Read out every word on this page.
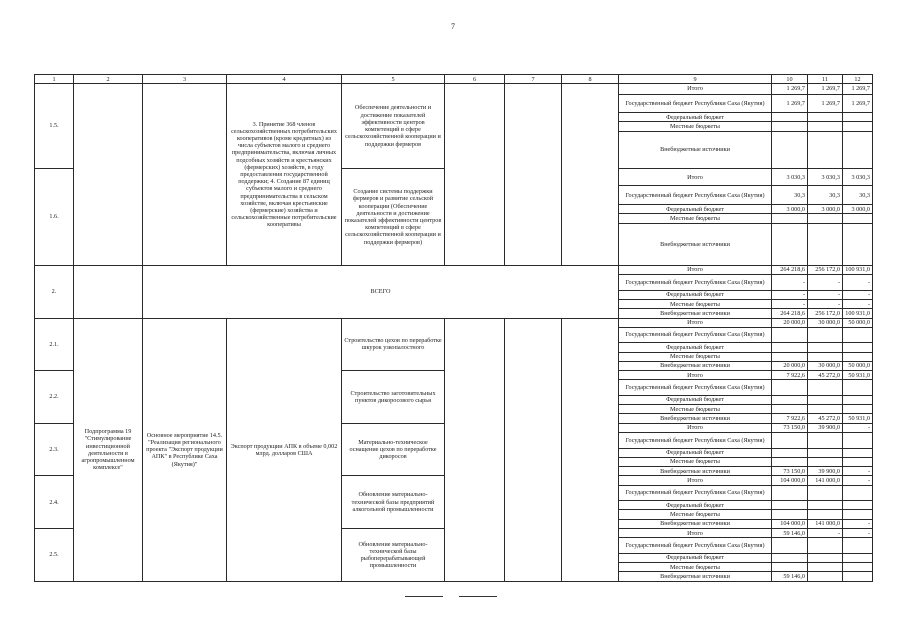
7
1	2	3	4	5	6	7	8	9	10	11	12
1.5.			3. Принятие 368 членов сельскохозяйственных потребительских кооперативов (кроме кредитных) из числа субъектов малого и среднего предпринимательства, включая личных подсобных хозяйств и крестьянских (фермерских) хозяйств, в году предоставления государственной поддержки; 4. Создание 87 единиц субъектов малого и среднего предпринимательства в сельском хозяйстве, включая крестьянские (фермерские) хозяйства и сельскохозяйственные потребительские кооперативы	Обеспечение деятельности и достижение показателей эффективности центров компетенций в сфере сельскохозяйственной кооперации и поддержки фермеров				Итого	1 269,7	1 269,7	1 269,7
								Государственный бюджет Республики Саха (Якутия)	1 269,7	1 269,7	1 269,7
								Федеральный бюджет			
								Местные бюджеты			
								Внебюджетные источники			
1.6.				Создание системы поддержки фермеров и развитие сельской кооперации (Обеспечение деятельности и достижение показателей эффективности центров компетенций в сфере сельскохозяйственной кооперации и поддержки фермеров)				Итого	3 030,3	3 030,3	3 030,3
								Государственный бюджет Республики Саха (Якутия)	30,3	30,3	30,3
								Федеральный бюджет	3 000,0	3 000,0	3 000,0
								Местные бюджеты			
								Внебюджетные источники			
2.		ВСЕГО						Итого	264 218,6	256 172,0	100 931,0
								Государственный бюджет Республики Саха (Якутия)	-	-	-
								Федеральный бюджет	-	-	-
								Местные бюджеты	-	-	-
								Внебюджетные источники	264 218,6	256 172,0	100 931,0
2.1.	Подпрограмма 19 "Стимулирование инвестиционной деятельности в агропромышленном комплексе"	Основное мероприятие 14.5. "Реализация регионального проекта "Экспорт продукции АПК" в Республике Саха (Якутия)"	Экспорт продукции АПК в объеме 0,002 млрд. долларов США	Строительство цехов по переработке шкурок узкопалостного				Итого	20 000,0	30 000,0	50 000,0
								Государственный бюджет Республики Саха (Якутия)			
								Федеральный бюджет			
								Местные бюджеты			
								Внебюджетные источники	20 000,0	30 000,0	50 000,0
2.2.				Строительство заготовительных пунктов дикоросового сырья				Итого	7 922,6	45 272,0	50 931,0
								Государственный бюджет Республики Саха (Якутия)			
								Федеральный бюджет			
								Местные бюджеты			
								Внебюджетные источники	7 922,6	45 272,0	50 931,0
2.3.				Материально-техническое оснащение цехов по переработке дикоросов				Итого	73 150,0	39 900,0	-
								Государственный бюджет Республики Саха (Якутия)			
								Федеральный бюджет			
								Местные бюджеты			
								Внебюджетные источники	73 150,0	39 900,0	-
2.4.				Обновление материально-технической базы предприятий алкогольной промышленности				Итого	104 000,0	141 000,0	-
								Государственный бюджет Республики Саха (Якутия)			
								Федеральный бюджет			
								Местные бюджеты			
								Внебюджетные источники	104 000,0	141 000,0	-
2.5.				Обновление материально-технической базы рыбоперерабатывающей промышленности				Итого	59 146,0	-	-
								Государственный бюджет Республики Саха (Якутия)			
								Федеральный бюджет			
								Местные бюджеты			
								Внебюджетные источники	59 146,0		
